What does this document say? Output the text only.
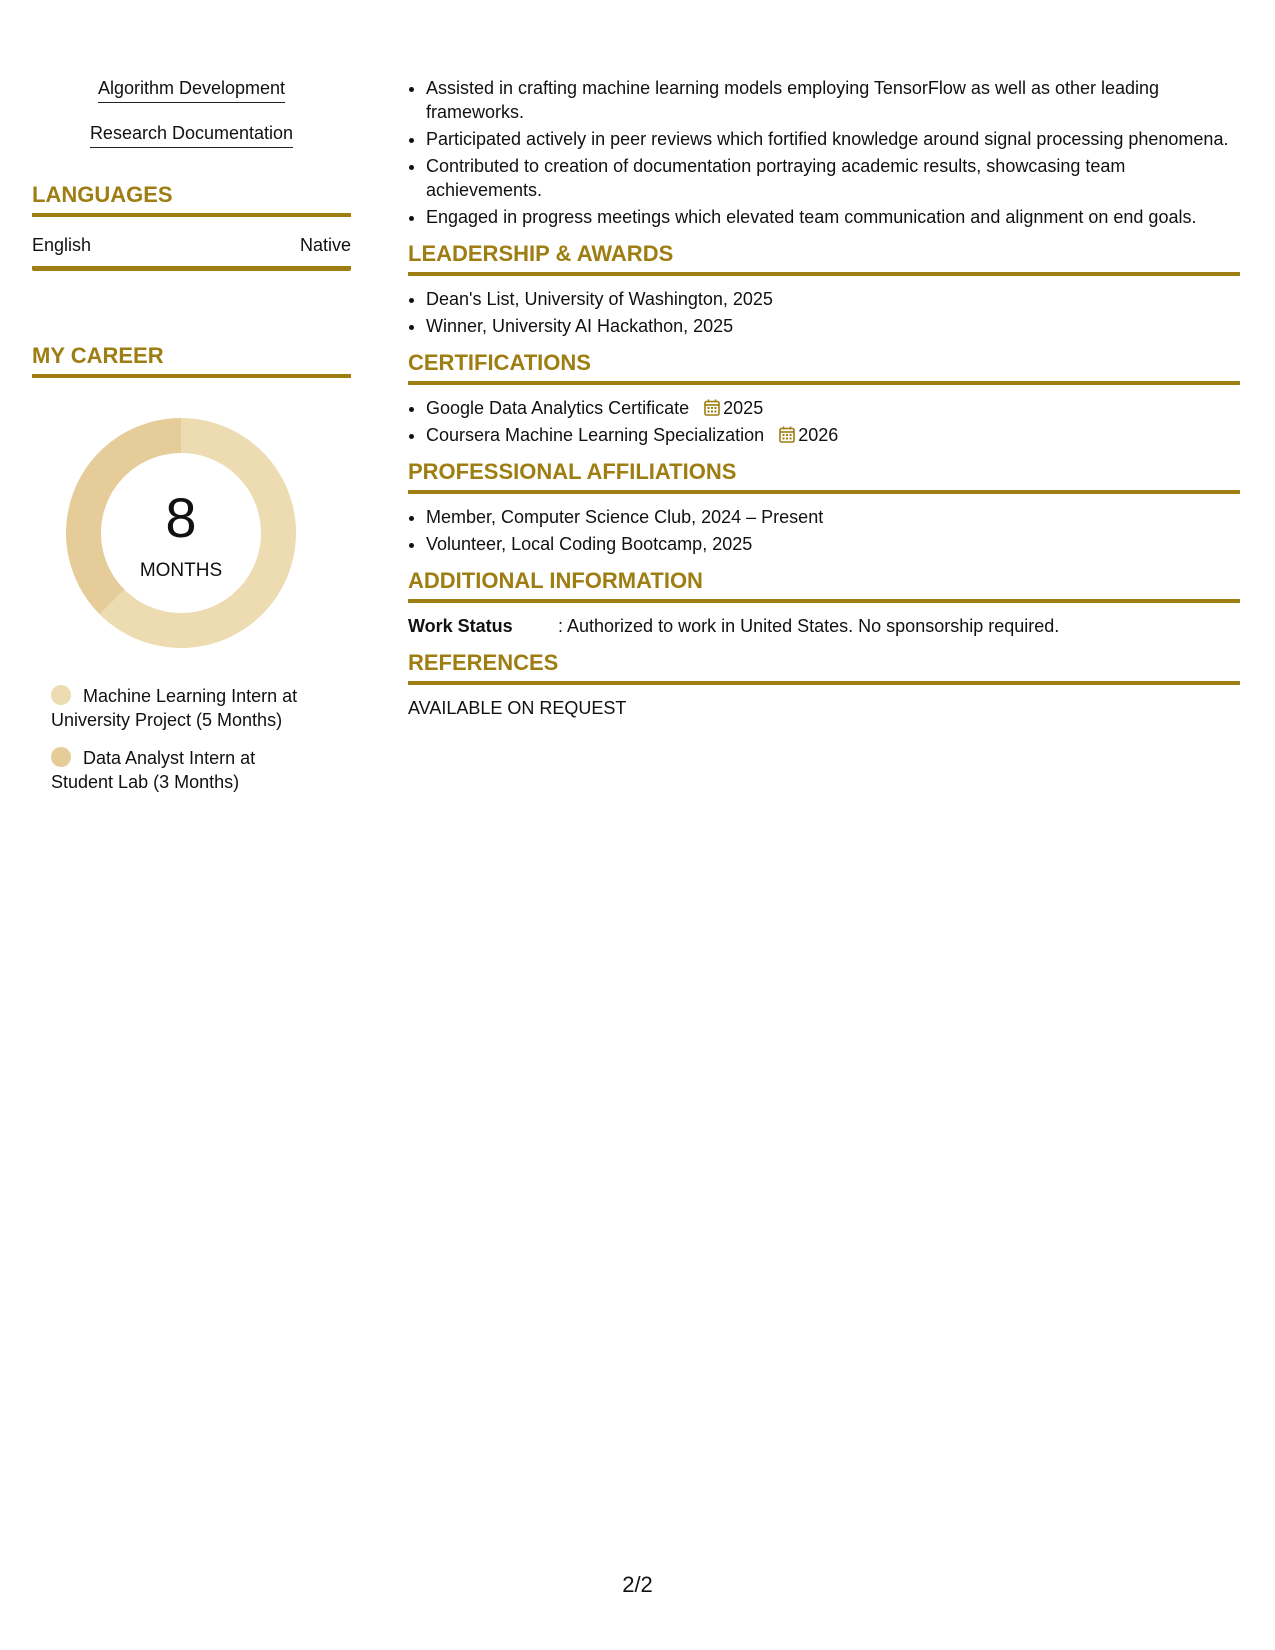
Algorithm Development
Research Documentation
LANGUAGES
English	Native
MY CAREER
8
MONTHS
Machine Learning Intern at University Project (5 Months)
Data Analyst Intern at Student Lab (3 Months)
• Assisted in crafting machine learning models employing TensorFlow as well as other leading frameworks.
• Participated actively in peer reviews which fortified knowledge around signal processing phenomena.
• Contributed to creation of documentation portraying academic results, showcasing team achievements.
• Engaged in progress meetings which elevated team communication and alignment on end goals.
LEADERSHIP & AWARDS
• Dean's List, University of Washington, 2025
• Winner, University AI Hackathon, 2025
CERTIFICATIONS
• Google Data Analytics Certificate 2025
• Coursera Machine Learning Specialization 2026
PROFESSIONAL AFFILIATIONS
• Member, Computer Science Club, 2024 – Present
• Volunteer, Local Coding Bootcamp, 2025
ADDITIONAL INFORMATION
Work Status	: Authorized to work in United States. No sponsorship required.
REFERENCES
AVAILABLE ON REQUEST
2/2
